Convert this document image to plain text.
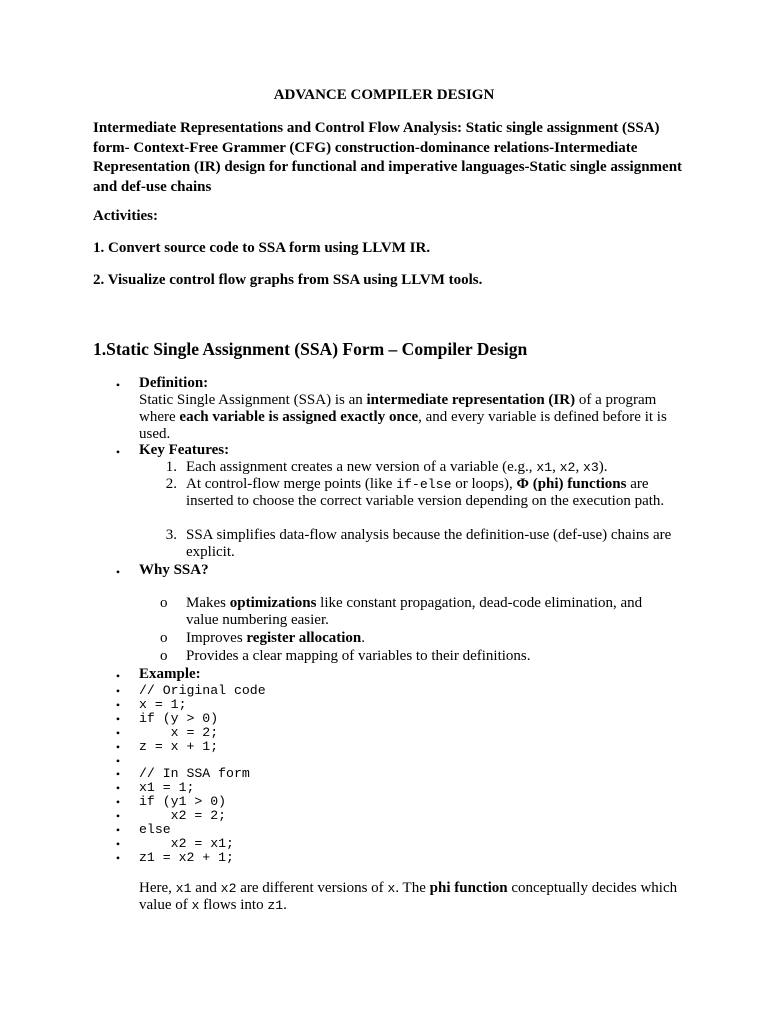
ADVANCE COMPILER DESIGN
Intermediate Representations and Control Flow Analysis: Static single assignment (SSA) form- Context-Free Grammer (CFG) construction-dominance relations-Intermediate Representation (IR) design for functional and imperative languages-Static single assignment and def-use chains
Activities:
1. Convert source code to SSA form using LLVM IR.
2. Visualize control flow graphs from SSA using LLVM tools.
1.Static Single Assignment (SSA) Form – Compiler Design
• Definition:
Static Single Assignment (SSA) is an intermediate representation (IR) of a program where each variable is assigned exactly once, and every variable is defined before it is used.
• Key Features:
1. Each assignment creates a new version of a variable (e.g., x1, x2, x3).
2. At control-flow merge points (like if-else or loops), Φ (phi) functions are inserted to choose the correct variable version depending on the execution path.
3. SSA simplifies data-flow analysis because the definition-use (def-use) chains are explicit.
• Why SSA?
o Makes optimizations like constant propagation, dead-code elimination, and value numbering easier.
o Improves register allocation.
o Provides a clear mapping of variables to their definitions.
• Example:
• // Original code
• x = 1;
• if (y > 0)
• x = 2;
• z = x + 1;
•
• // In SSA form
• x1 = 1;
• if (y1 > 0)
• x2 = 2;
• else
• x2 = x1;
• z1 = x2 + 1;
Here, x1 and x2 are different versions of x. The phi function conceptually decides which value of x flows into z1.
